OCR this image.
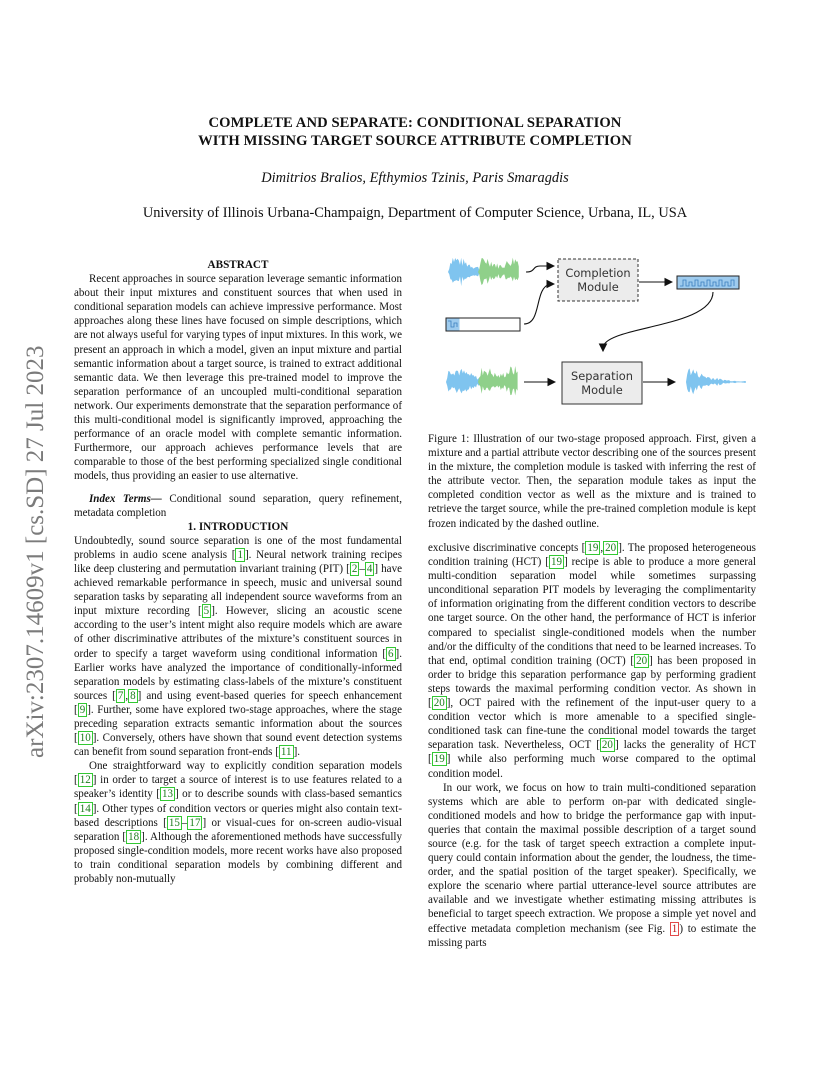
arXiv:2307.14609v1 [cs.SD] 27 Jul 2023
COMPLETE AND SEPARATE: CONDITIONAL SEPARATION
WITH MISSING TARGET SOURCE ATTRIBUTE COMPLETION
Dimitrios Bralios, Efthymios Tzinis, Paris Smaragdis
University of Illinois Urbana-Champaign, Department of Computer Science, Urbana, IL, USA

ABSTRACT

Recent approaches in source separation leverage semantic information about their input mixtures and constituent sources that when used in conditional separation models can achieve impressive performance. Most approaches along these lines have focused on simple descriptions, which are not always useful for varying types of input mixtures. In this work, we present an approach in which a model, given an input mixture and partial semantic information about a target source, is trained to extract additional semantic data. We then leverage this pre-trained model to improve the separation performance of an uncoupled multi-conditional separation network. Our experiments demonstrate that the separation performance of this multi-conditional model is significantly improved, approaching the performance of an oracle model with complete semantic information. Furthermore, our approach achieves performance levels that are comparable to those of the best performing specialized single conditional models, thus providing an easier to use alternative.

Index Terms— Conditional sound separation, query refinement, metadata completion

1. INTRODUCTION

Undoubtedly, sound source separation is one of the most fundamental problems in audio scene analysis [ 1 ]. Neural network training recipes like deep clustering and permutation invariant training (PIT) [ 2 – 4 ] have achieved remarkable performance in speech, music and universal sound separation tasks by separating all independent source waveforms from an input mixture recording [ 5 ]. However, slicing an acoustic scene according to the user’s intent might also require models which are aware of other discriminative attributes of the mixture’s constituent sources in order to specify a target waveform using conditional information [ 6 ]. Earlier works have analyzed the importance of conditionally-informed separation models by estimating class-labels of the mixture’s constituent sources [ 7 , 8 ] and using event-based queries for speech enhancement [ 9 ]. Further, some have explored two-stage approaches, where the stage preceding separation extracts semantic information about the sources [ 10 ]. Conversely, others have shown that sound event detection systems can benefit from sound separation front-ends [ 11 ].

One straightforward way to explicitly condition separation models [ 12 ] in order to target a source of interest is to use features related to a speaker’s identity [ 13 ] or to describe sounds with class-based semantics [ 14 ]. Other types of condition vectors or queries might also contain text-based descriptions [ 15 – 17 ] or visual-cues for on-screen audio-visual separation [ 18 ]. Although the aforementioned methods have successfully proposed single-condition models, more recent works have also proposed to train conditional separation models by combining different and probably non-mutually

Completion
Module
Separation
Module

Figure 1: Illustration of our two-stage proposed approach. First, given a mixture and a partial attribute vector describing one of the sources present in the mixture, the completion module is tasked with inferring the rest of the attribute vector. Then, the separation module takes as input the completed condition vector as well as the mixture and is trained to retrieve the target source, while the pre-trained completion module is kept frozen indicated by the dashed outline.

exclusive discriminative concepts [ 19 , 20 ]. The proposed heterogeneous condition training (HCT) [ 19 ] recipe is able to produce a more general multi-condition separation model while sometimes surpassing unconditional separation PIT models by leveraging the complimentarity of information originating from the different condition vectors to describe one target source. On the other hand, the performance of HCT is inferior compared to specialist single-conditioned models when the number and/or the difficulty of the conditions that need to be learned increases. To that end, optimal condition training (OCT) [ 20 ] has been proposed in order to bridge this separation performance gap by performing gradient steps towards the maximal performing condition vector. As shown in [ 20 ], OCT paired with the refinement of the input-user query to a condition vector which is more amenable to a specified single-conditioned task can fine-tune the conditional model towards the target separation task. Nevertheless, OCT [ 20 ] lacks the generality of HCT [ 19 ] while also performing much worse compared to the optimal condition model.

In our work, we focus on how to train multi-conditioned separation systems which are able to perform on-par with dedicated single-conditioned models and how to bridge the performance gap with input-queries that contain the maximal possible description of a target sound source (e.g. for the task of target speech extraction a complete input-query could contain information about the gender, the loudness, the time-order, and the spatial position of the target speaker). Specifically, we explore the scenario where partial utterance-level source attributes are available and we investigate whether estimating missing attributes is beneficial to target speech extraction. We propose a simple yet novel and effective metadata completion mechanism (see Fig. 1 ) to estimate the missing parts
